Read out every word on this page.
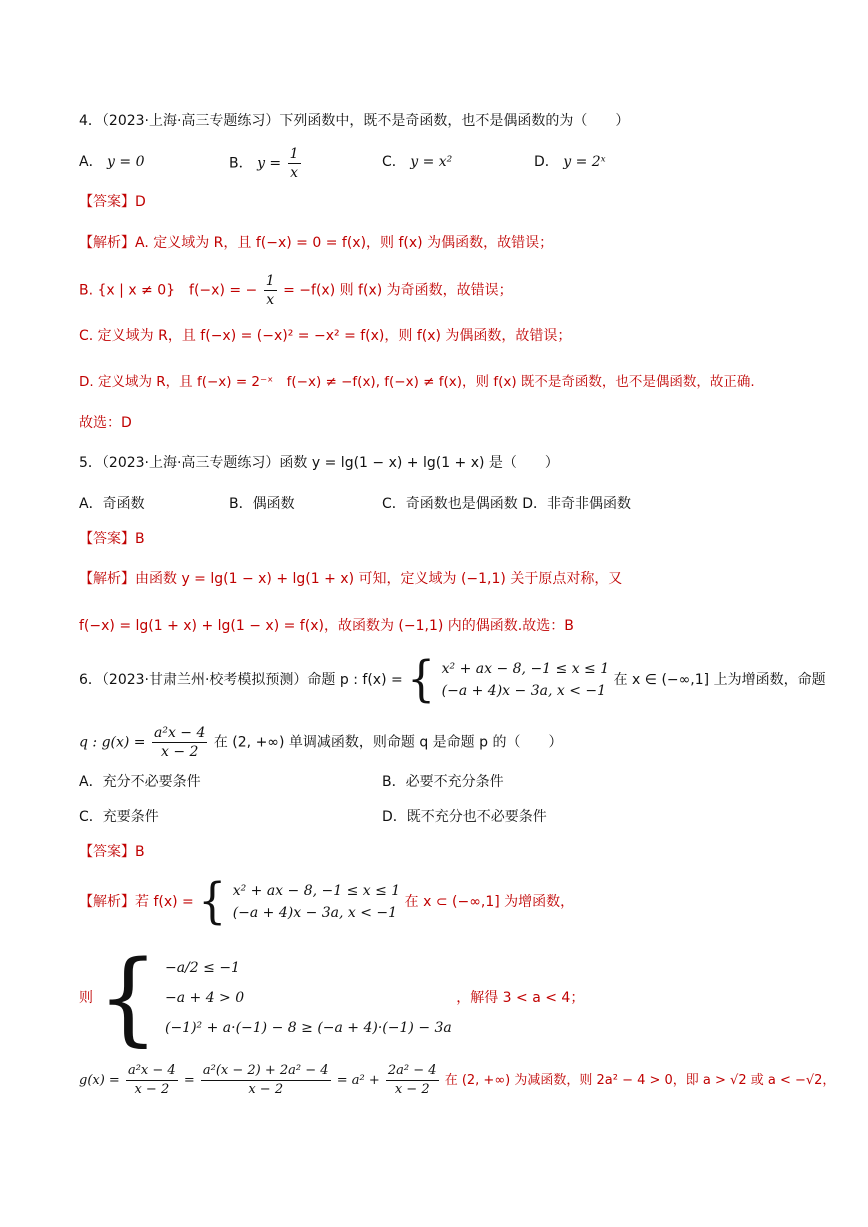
4．（2023·上海·高三专题练习）下列函数中，既不是奇函数，也不是偶函数的为（　　）
A． y = 0	B． $y = \frac{1}{x}$	C． y = x²	D． y = 2ˣ
【答案】D
【解析】A. 定义域为 R，且 f(−x) = 0 = f(x)，则 f(x) 为偶函数，故错误；
B. {x | x ≠ 0}　f(−x) = − $\frac{1}{x} = -f(x)$ 则 f(x) 为奇函数，故错误；
C. 定义域为 R，且 f(−x) = (−x)² = −x² = f(x)，则 f(x) 为偶函数，故错误；
D. 定义域为 R，且 f(−x) = 2⁻ˣ　f(−x) ≠ −f(x), f(−x) ≠ f(x)，则 f(x) 既不是奇函数，也不是偶函数，故正确.
故选：D
5．（2023·上海·高三专题练习）函数 y = lg(1 − x) + lg(1 + x) 是（　　）
A．奇函数	B．偶函数	C．奇函数也是偶函数 D．非奇非偶函数
【答案】B
【解析】由函数 y = lg(1 − x) + lg(1 + x) 可知，定义域为 (−1,1) 关于原点对称，又
f(−x) = lg(1 + x) + lg(1 − x) = f(x)，故函数为 (−1,1) 内的偶函数.故选：B
6．（2023·甘肃兰州·校考模拟预测）命题 p : f(x) = { x² + ax − 8, −1 ≤ x ≤ 1
(−a + 4)x − 3a, x < −1
在 x ∈ (−∞,1] 上为增函数，命题
q : $g(x) = \frac{\text{a²x − 4}}{x - 2}$ 在 (2, +∞) 单调减函数，则命题 q 是命题 p 的（　　）
A．充分不必要条件	B．必要不充分条件
C．充要条件	D．既不充分也不必要条件
【答案】B
【解析】若 f(x) = { x² + ax − 8, −1 ≤ x ≤ 1
(−a + 4)x − 3a, x < −1
在 x ⊂ (−∞,1] 为增函数，
则 { −a/2 ≤ −1
−a + 4 > 0
(−1)² + a·(−1) − 8 ≥ (−a + 4)·(−1) − 3a
，解得 3 < a < 4；
$g(x) = \frac{\text{a²x − 4}}{x - 2} = \frac{\text{a²(x − 2) + 2a² − 4}}{x - 2} = a^2 + \frac{\text{2a² − 4}}{x - 2}$ 在 (2, +∞) 为减函数，则 2a² − 4 > 0，即 a > √2 或 a < −√2，
